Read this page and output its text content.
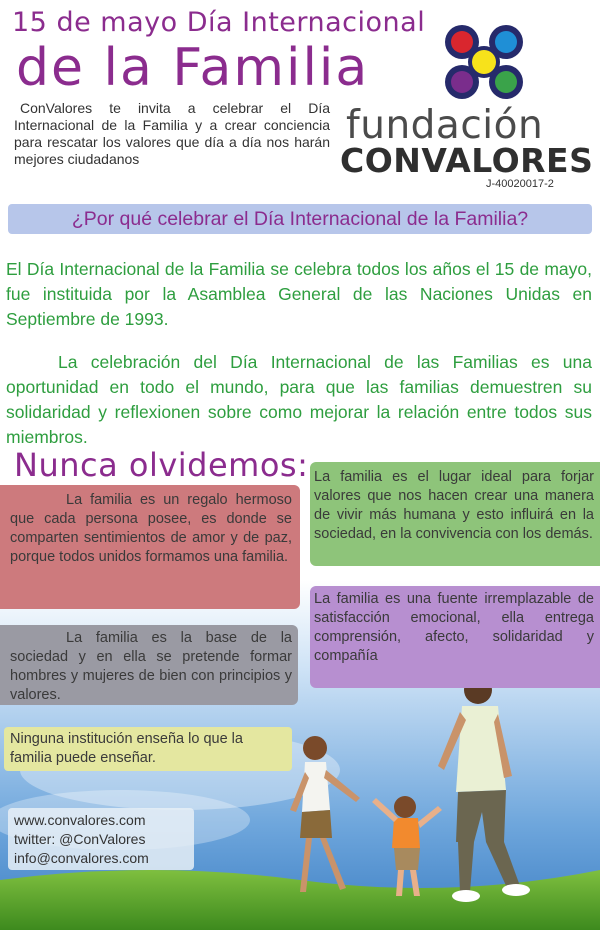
15 de mayo Día Internacional
de la Familia
ConValores te invita a celebrar el Día Internacional de la Familia y a crear conciencia para rescatar los valores que día a día nos harán mejores ciudadanos
fundación
CONVALORES
J-40020017-2
¿Por qué celebrar el Día Internacional de la Familia?
El Día Internacional de la Familia se celebra todos los años el 15 de mayo, fue instituida por la Asamblea General de las Naciones Unidas en Septiembre de 1993.
La celebración del Día Internacional de las Familias es una oportunidad en todo el mundo, para que las familias demuestren su solidaridad y reflexionen sobre como mejorar la relación entre todos sus miembros.
Nunca olvidemos: La familia es el lugar ideal para forjar valores que nos hacen crear una manera de vivir más humana y esto influirá en la sociedad, en la convivencia con los demás.
La familia es un regalo hermoso que cada persona posee, es donde se comparten sentimientos de amor y de paz, porque todos unidos formamos una familia.
La familia es una fuente irremplazable de satisfacción emocional, ella entrega comprensión, afecto, solidaridad y compañía
La familia es la base de la sociedad y en ella se pretende formar hombres y mujeres de bien con principios y valores.
Ninguna institución enseña lo que la familia puede enseñar.
www.convalores.com
twitter: @ConValores
info@convalores.com
